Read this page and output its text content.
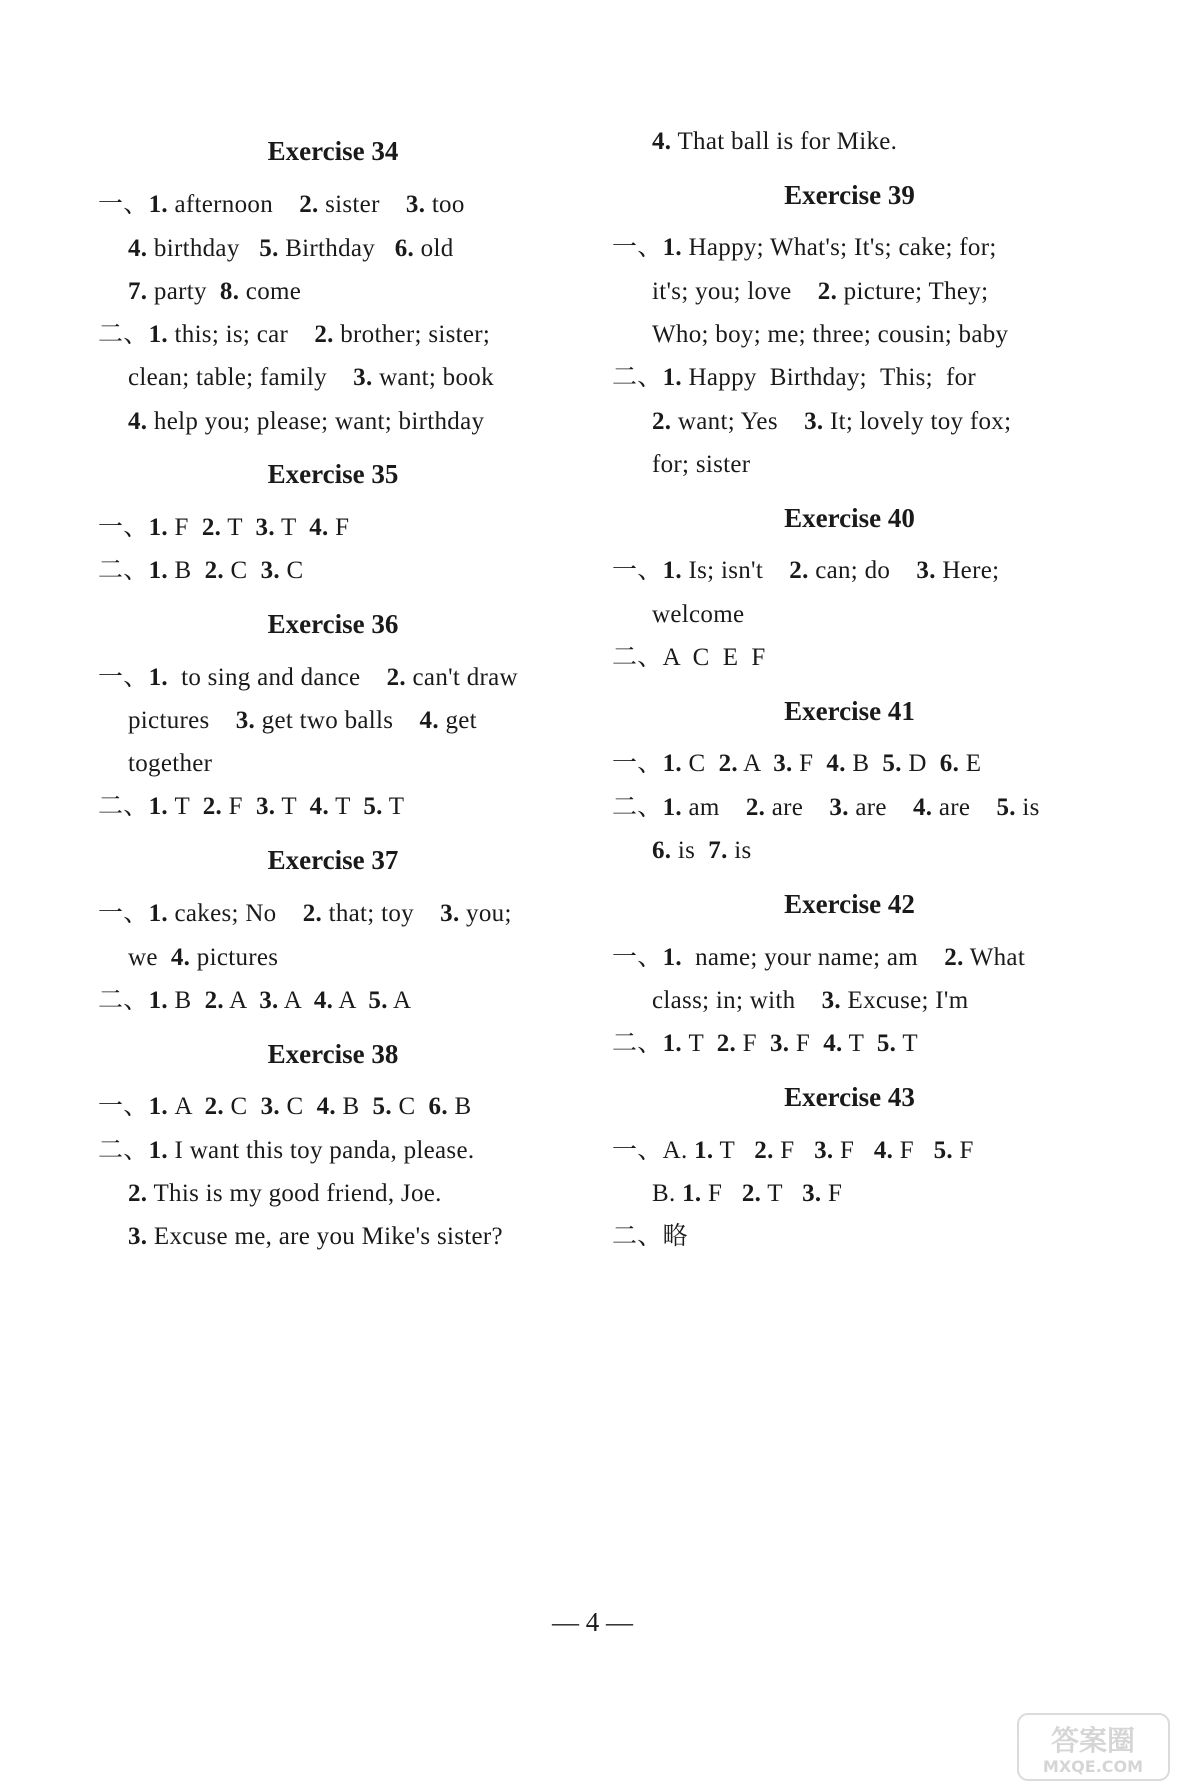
Exercise 34
一、1. afternoon    2. sister    3. too
4. birthday   5. Birthday   6. old
7. party  8. come
二、1. this; is; car    2. brother; sister;
clean; table; family    3. want; book
4. help you; please; want; birthday
Exercise 35
一、1. F  2. T  3. T  4. F
二、1. B  2. C  3. C
Exercise 36
一、1.  to sing and dance    2. can't draw
pictures    3. get two balls    4. get
together
二、1. T  2. F  3. T  4. T  5. T
Exercise 37
一、1. cakes; No    2. that; toy    3. you;
we  4. pictures
二、1. B  2. A  3. A  4. A  5. A
Exercise 38
一、1. A  2. C  3. C  4. B  5. C  6. B
二、1. I want this toy panda, please.
2. This is my good friend, Joe.
3. Excuse me, are you Mike's sister?
4. That ball is for Mike.
Exercise 39
一、1. Happy; What's; It's; cake; for;
it's; you; love    2. picture; They;
Who; boy; me; three; cousin; baby
二、1. Happy  Birthday;  This;  for
2. want; Yes    3. It; lovely toy fox;
for; sister
Exercise 40
一、1. Is; isn't    2. can; do    3. Here;
welcome
二、A  C  E  F
Exercise 41
一、1. C  2. A  3. F  4. B  5. D  6. E
二、1. am    2. are    3. are    4. are    5. is
6. is  7. is
Exercise 42
一、1.  name; your name; am    2. What
class; in; with    3. Excuse; I'm
二、1. T  2. F  3. F  4. T  5. T
Exercise 43
一、A. 1. T   2. F   3. F   4. F   5. F
B. 1. F   2. T   3. F
二、略
— 4 —
答案圈
MXQE.COM
